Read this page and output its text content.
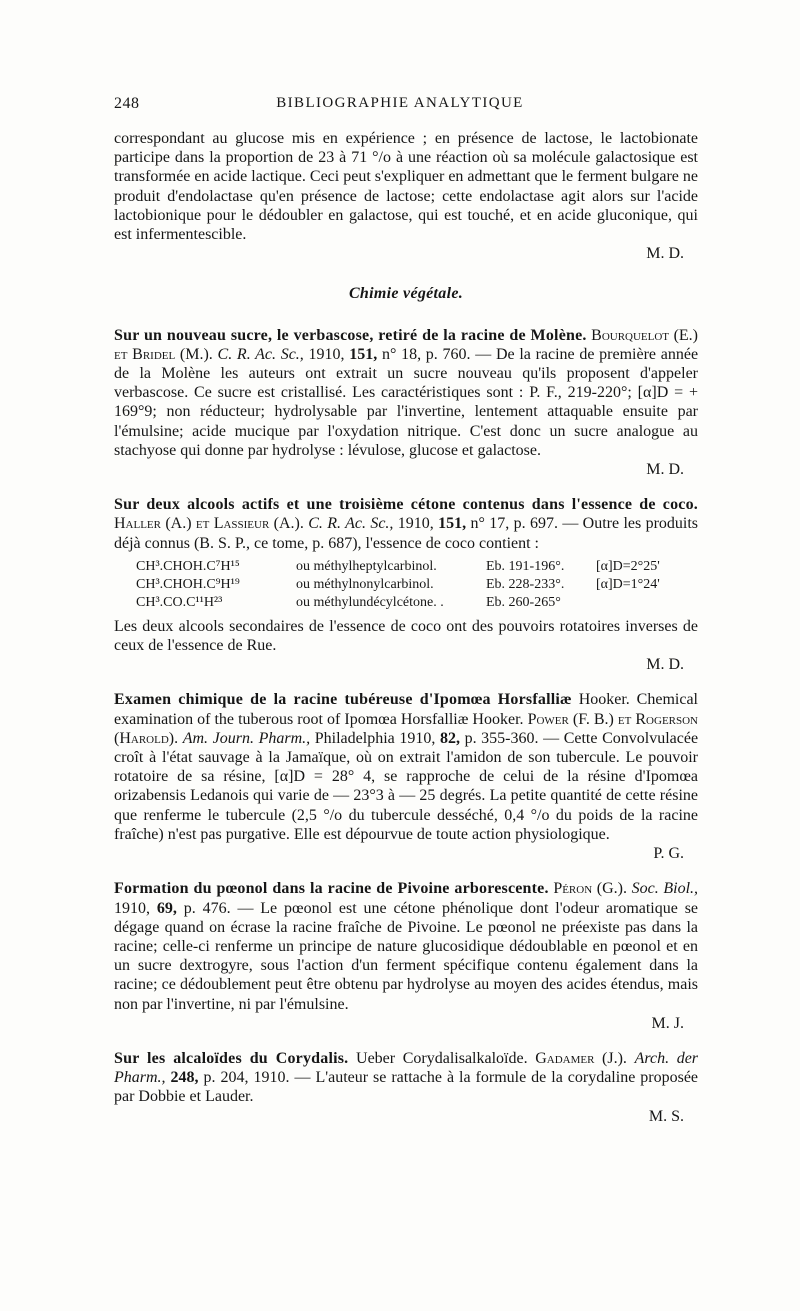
248	BIBLIOGRAPHIE ANALYTIQUE

correspondant au glucose mis en expérience ; en présence de lactose, le lactobionate participe dans la proportion de 23 à 71 °/o à une réaction où sa molécule galactosique est transformée en acide lactique. Ceci peut s'expliquer en admettant que le ferment bulgare ne produit d'endolactase qu'en présence de lactose; cette endolactase agit alors sur l'acide lactobionique pour le dédoubler en galactose, qui est touché, et en acide gluconique, qui est infermentescible.

M. D.
Chimie végétale.

Sur un nouveau sucre, le verbascose, retiré de la racine de Molène. Bourquelot (E.) et Bridel (M.). C. R. Ac. Sc., 1910, 151, n° 18, p. 760. — De la racine de première année de la Molène les auteurs ont extrait un sucre nouveau qu'ils proposent d'appeler verbascose. Ce sucre est cristallisé. Les caractéristiques sont : P. F., 219-220°; [α]D = + 169°9; non réducteur; hydrolysable par l'invertine, lentement attaquable ensuite par l'émulsine; acide mucique par l'oxydation nitrique. C'est donc un sucre analogue au stachyose qui donne par hydrolyse : lévulose, glucose et galactose.

M. D.

Sur deux alcools actifs et une troisième cétone contenus dans l'essence de coco. Haller (A.) et Lassieur (A.). C. R. Ac. Sc., 1910, 151, n° 17, p. 697. — Outre les produits déjà connus (B. S. P., ce tome, p. 687), l'essence de coco contient :

CH³.CHOH.C⁷H¹⁵	ou méthylheptylcarbinol.	Eb. 191-196°.	[α]D=2°25'
CH³.CHOH.C⁹H¹⁹	ou méthylnonylcarbinol.	Eb. 228-233°.	[α]D=1°24'
CH³.CO.C¹¹H²³	ou méthylundécylcétone. .	Eb. 260-265°

Les deux alcools secondaires de l'essence de coco ont des pouvoirs rotatoires inverses de ceux de l'essence de Rue.

M. D.

Examen chimique de la racine tubéreuse d'Ipomœa Horsfalliæ Hooker. Chemical examination of the tuberous root of Ipomœa Horsfalliæ Hooker. Power (F. B.) et Rogerson (Harold). Am. Journ. Pharm., Philadelphia 1910, 82, p. 355-360. — Cette Convolvulacée croît à l'état sauvage à la Jamaïque, où on extrait l'amidon de son tubercule. Le pouvoir rotatoire de sa résine, [α]D = 28° 4, se rapproche de celui de la résine d'Ipomœa orizabensis Ledanois qui varie de — 23°3 à — 25 degrés. La petite quantité de cette résine que renferme le tubercule (2,5 °/o du tubercule desséché, 0,4 °/o du poids de la racine fraîche) n'est pas purgative. Elle est dépourvue de toute action physiologique.

P. G.

Formation du pœonol dans la racine de Pivoine arborescente. Péron (G.). Soc. Biol., 1910, 69, p. 476. — Le pœonol est une cétone phénolique dont l'odeur aromatique se dégage quand on écrase la racine fraîche de Pivoine. Le pœonol ne préexiste pas dans la racine; celle-ci renferme un principe de nature glucosidique dédoublable en pœonol et en un sucre dextrogyre, sous l'action d'un ferment spécifique contenu également dans la racine; ce dédoublement peut être obtenu par hydrolyse au moyen des acides étendus, mais non par l'invertine, ni par l'émulsine.

M. J.

Sur les alcaloïdes du Corydalis. Ueber Corydalisalkaloïde. Gadamer (J.). Arch. der Pharm., 248, p. 204, 1910. — L'auteur se rattache à la formule de la corydaline proposée par Dobbie et Lauder.

M. S.
